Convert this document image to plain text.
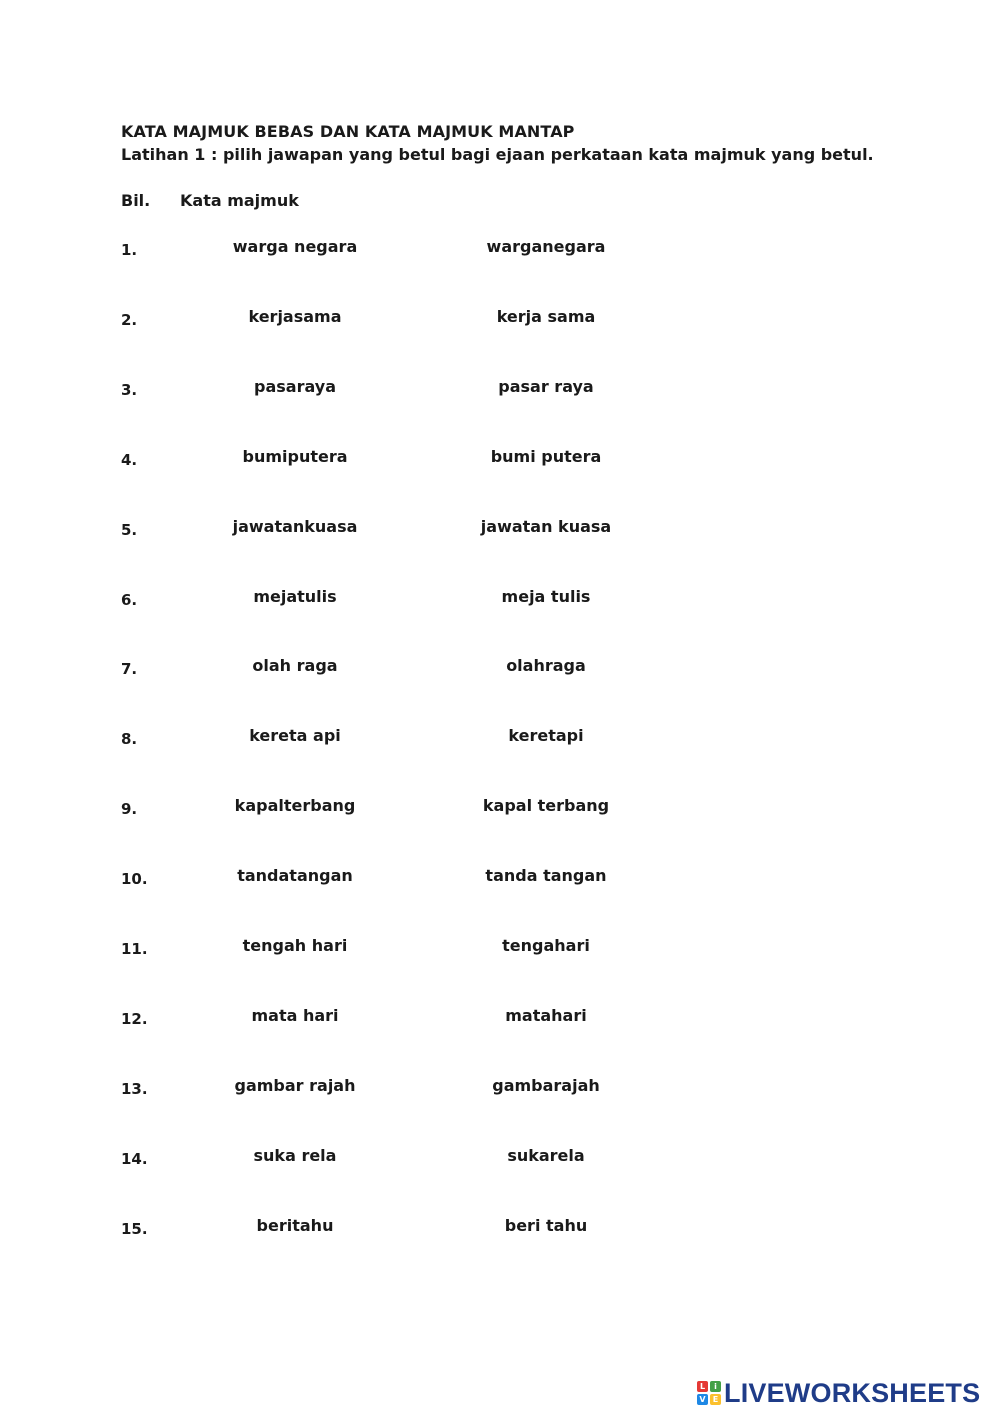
KATA MAJMUK BEBAS DAN KATA MAJMUK MANTAP
Latihan 1 : pilih jawapan yang betul bagi ejaan perkataan kata majmuk yang betul.
Bil. Kata majmuk
1.	warga negara	warganegara
2.	kerjasama	kerja sama
3.	pasaraya	pasar raya
4.	bumiputera	bumi putera
5.	jawatankuasa	jawatan kuasa
6.	mejatulis	meja tulis
7.	olah raga	olahraga
8.	kereta api	keretapi
9.	kapalterbang	kapal terbang
10.	tandatangan	tanda tangan
11.	tengah hari	tengahari
12.	mata hari	matahari
13.	gambar rajah	gambarajah
14.	suka rela	sukarela
15.	beritahu	beri tahu
L	i
V E LIVEWORKSHEETS
